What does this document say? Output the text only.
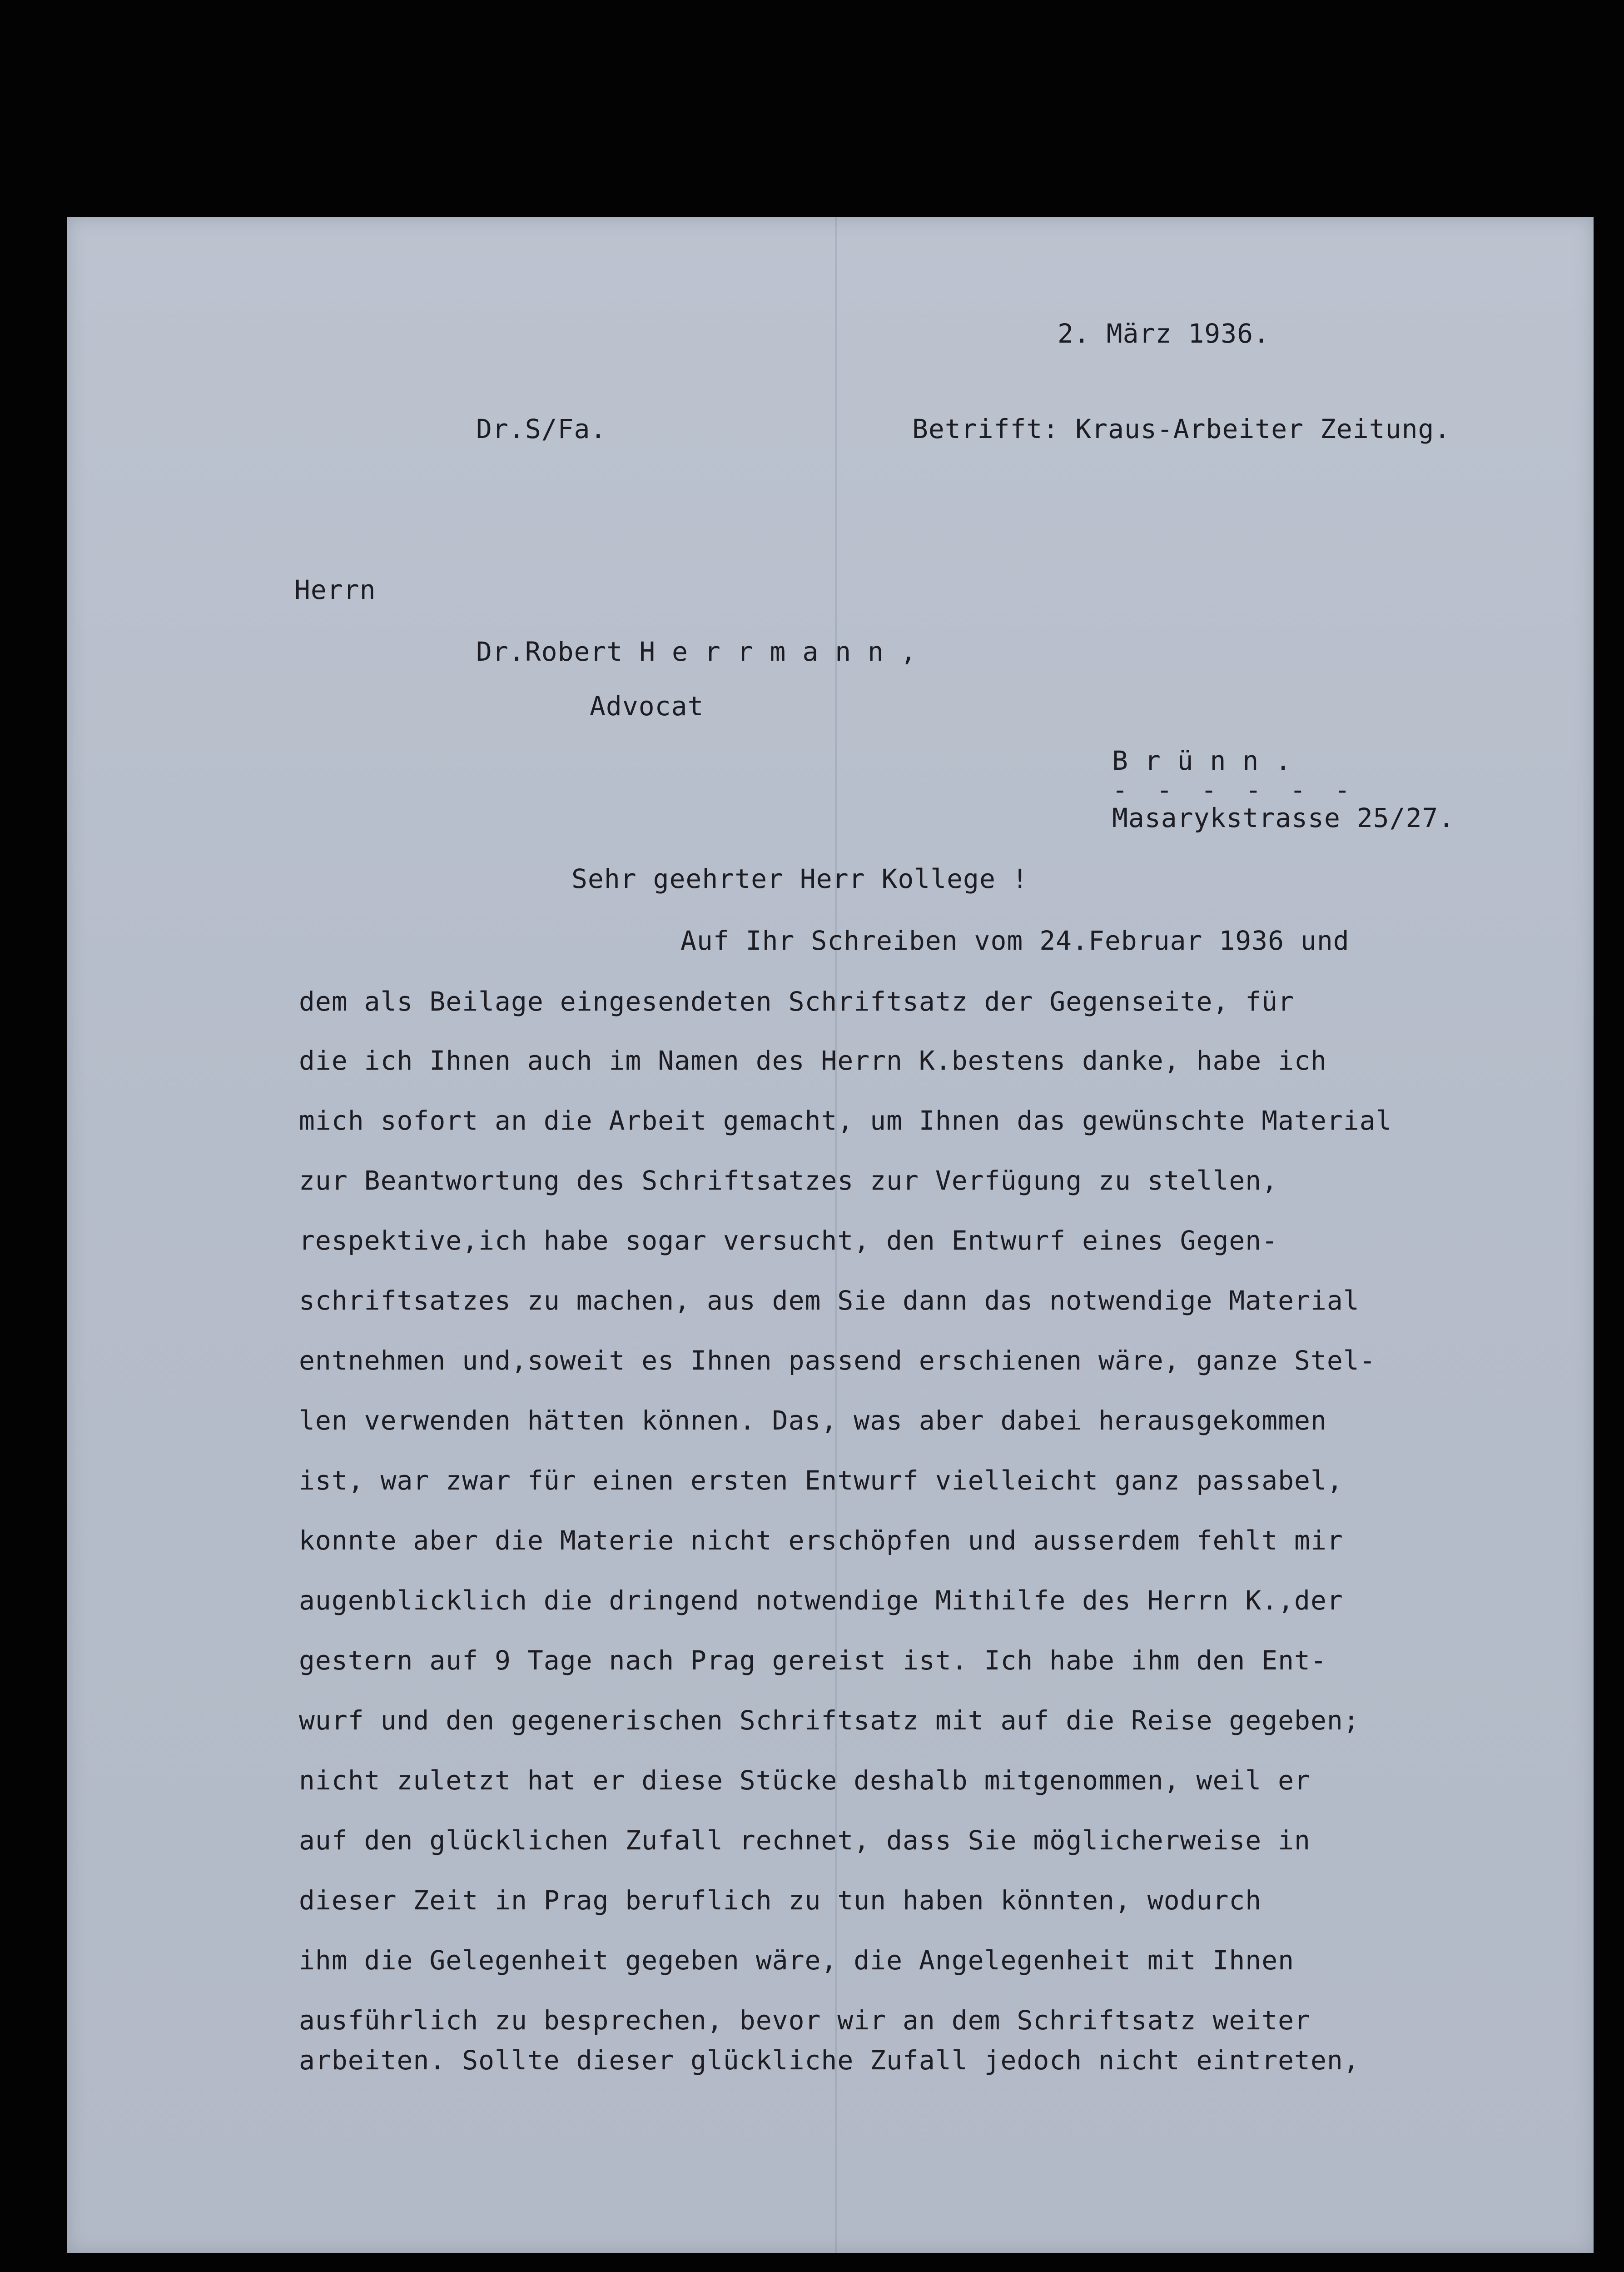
2. März 1936.
Dr.S/Fa.	Betrifft: Kraus-Arbeiter Zeitung.
Herrn
Dr.Robert H e r r m a n n ,
Advocat
B r ü n n .
- - - - - -
Masarykstrasse 25/27.
Sehr geehrter Herr Kollege !
Auf Ihr Schreiben vom 24.Februar 1936 und
dem als Beilage eingesendeten Schriftsatz der Gegenseite, für
die ich Ihnen auch im Namen des Herrn K.bestens danke, habe ich
mich sofort an die Arbeit gemacht, um Ihnen das gewünschte Material
zur Beantwortung des Schriftsatzes zur Verfügung zu stellen,
respektive,ich habe sogar versucht, den Entwurf eines Gegen-
schriftsatzes zu machen, aus dem Sie dann das notwendige Material
entnehmen und,soweit es Ihnen passend erschienen wäre, ganze Stel-
len verwenden hätten können. Das, was aber dabei herausgekommen
ist, war zwar für einen ersten Entwurf vielleicht ganz passabel,
konnte aber die Materie nicht erschöpfen und ausserdem fehlt mir
augenblicklich die dringend notwendige Mithilfe des Herrn K.,der
gestern auf 9 Tage nach Prag gereist ist. Ich habe ihm den Ent-
wurf und den gegenerischen Schriftsatz mit auf die Reise gegeben;
nicht zuletzt hat er diese Stücke deshalb mitgenommen, weil er
auf den glücklichen Zufall rechnet, dass Sie möglicherweise in
dieser Zeit in Prag beruflich zu tun haben könnten, wodurch
ihm die Gelegenheit gegeben wäre, die Angelegenheit mit Ihnen
ausführlich zu besprechen, bevor wir an dem Schriftsatz weiter
arbeiten. Sollte dieser glückliche Zufall jedoch nicht eintreten,
